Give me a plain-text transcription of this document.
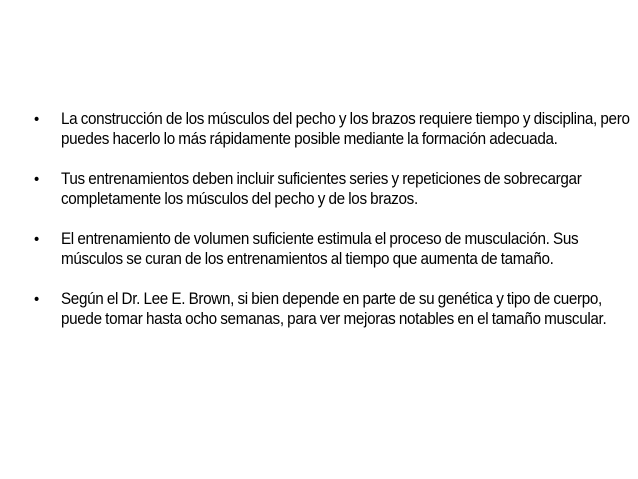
• La construcción de los músculos del pecho y los brazos requiere tiempo y disciplina, pero puedes hacerlo lo más rápidamente posible mediante la formación adecuada.
• Tus entrenamientos deben incluir suficientes series y repeticiones de sobrecargar completamente los músculos del pecho y de los brazos.
• El entrenamiento de volumen suficiente estimula el proceso de musculación. Sus músculos se curan de los entrenamientos al tiempo que aumenta de tamaño.
• Según el Dr. Lee E. Brown, si bien depende en parte de su genética y tipo de cuerpo, puede tomar hasta ocho semanas, para ver mejoras notables en el tamaño muscular.
